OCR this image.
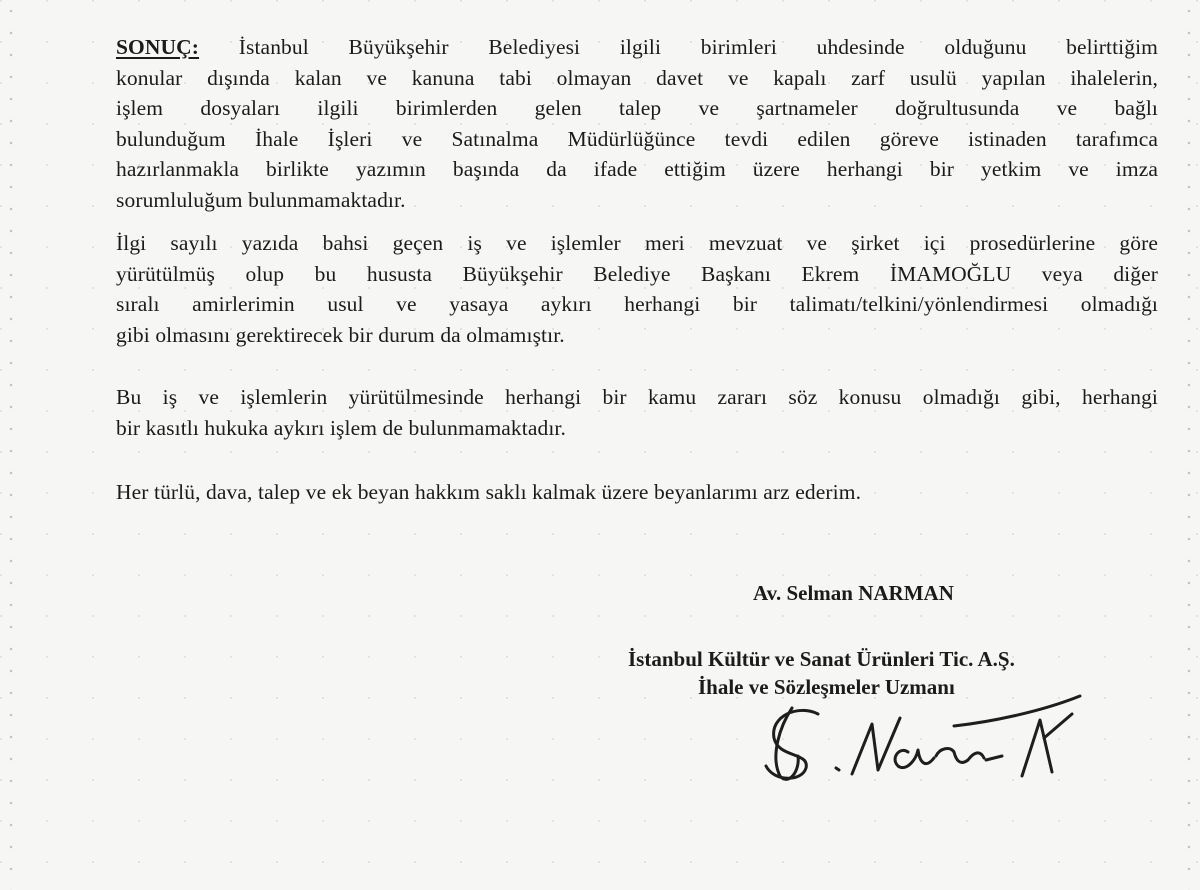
SONUÇ: İstanbul Büyükşehir Belediyesi ilgili birimleri uhdesinde olduğunu belirttiğim
konular dışında kalan ve kanuna tabi olmayan davet ve kapalı zarf usulü yapılan ihalelerin,
işlem dosyaları ilgili birimlerden gelen talep ve şartnameler doğrultusunda ve bağlı
bulunduğum İhale İşleri ve Satınalma Müdürlüğünce tevdi edilen göreve istinaden tarafımca
hazırlanmakla birlikte yazımın başında da ifade ettiğim üzere herhangi bir yetkim ve imza
sorumluluğum bulunmamaktadır.
İlgi sayılı yazıda bahsi geçen iş ve işlemler meri mevzuat ve şirket içi prosedürlerine göre
yürütülmüş olup bu hususta Büyükşehir Belediye Başkanı Ekrem İMAMOĞLU veya diğer
sıralı amirlerimin usul ve yasaya aykırı herhangi bir talimatı/telkini/yönlendirmesi olmadığı
gibi olmasını gerektirecek bir durum da olmamıştır.
Bu iş ve işlemlerin yürütülmesinde herhangi bir kamu zararı söz konusu olmadığı gibi, herhangi
bir kasıtlı hukuka aykırı işlem de bulunmamaktadır.
Her türlü, dava, talep ve ek beyan hakkım saklı kalmak üzere beyanlarımı arz ederim.
Av. Selman NARMAN
İstanbul Kültür ve Sanat Ürünleri Tic. A.Ş.
İhale ve Sözleşmeler Uzmanı
